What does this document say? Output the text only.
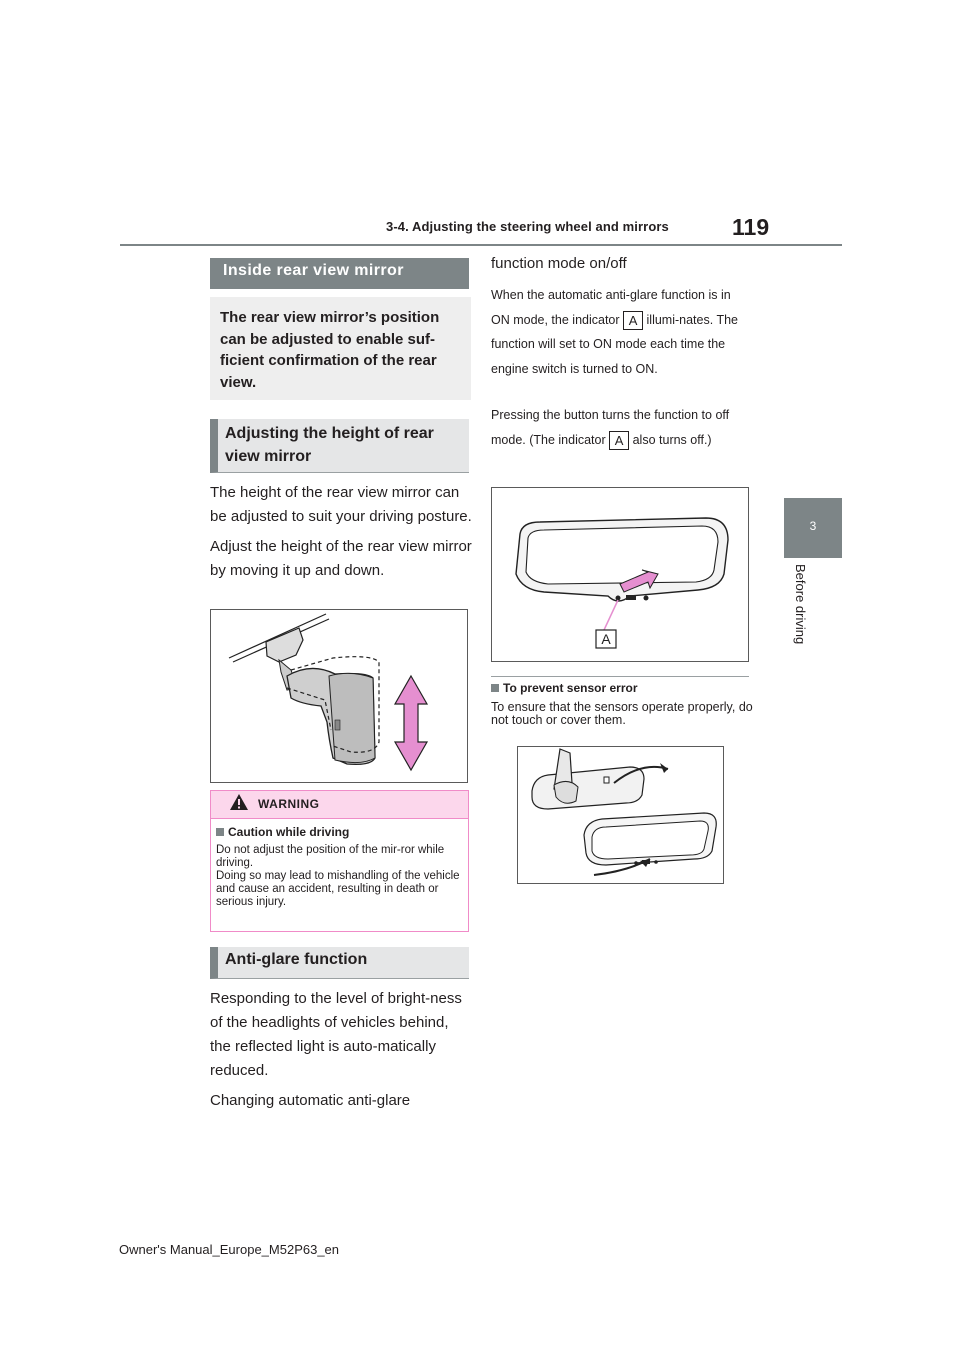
3-4. Adjusting the steering wheel and mirrors	119
3
Before driving
Inside rear view mirror
The rear view mirror’s position can be adjusted to enable suf-ficient confirmation of the rear view.
Adjusting the height of rear view mirror
The height of the rear view mirror can be adjusted to suit your driving posture.
Adjust the height of the rear view mirror by moving it up and down.
WARNING
Caution while driving
Do not adjust the position of the mir-ror while driving.
Doing so may lead to mishandling of the vehicle and cause an accident, resulting in death or serious injury.
Anti-glare function
Responding to the level of bright-ness of the headlights of vehicles behind, the reflected light is auto-matically reduced.
Changing automatic anti-glare
function mode on/off
When the automatic anti-glare function is in ON mode, the indicator A illumi-nates. The function will set to ON mode each time the engine switch is turned to ON.
Pressing the button turns the function to off mode. (The indicator A also turns off.)
A
To prevent sensor error
To ensure that the sensors operate properly, do not touch or cover them.
Owner's Manual_Europe_M52P63_en
